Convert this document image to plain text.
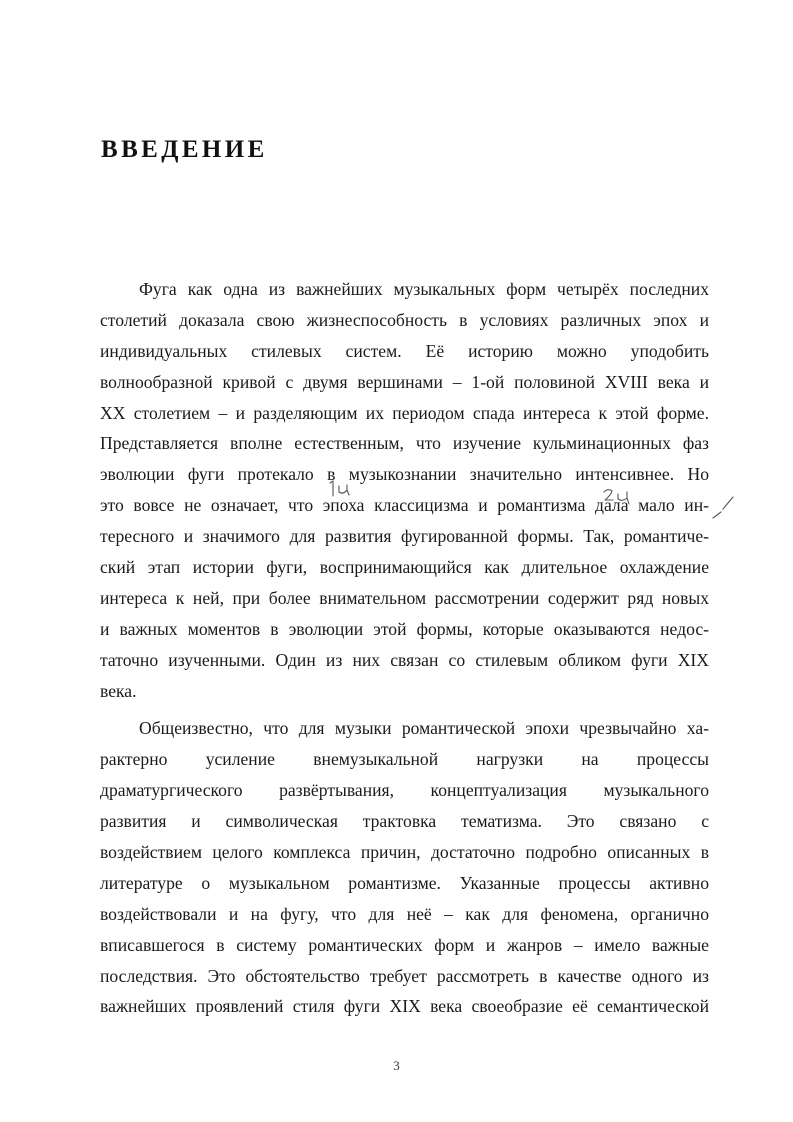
ВВЕДЕНИЕ

Фуга как одна из важнейших музыкальных форм четырёх последних
столетий доказала свою жизнеспособность в условиях различных эпох и
индивидуальных стилевых систем. Её историю можно уподобить
волнообразной кривой с двумя вершинами – 1-ой половиной XVIII века и
XX столетием – и разделяющим их периодом спада интереса к этой форме.
Представляется вполне естественным, что изучение кульминационных фаз
эволюции фуги протекало в музыкознании значительно интенсивнее. Но
это вовсе не означает, что эпоха классицизма и романтизма дала мало ин-
тересного и значимого для развития фугированной формы. Так, романтиче-
ский этап истории фуги, воспринимающийся как длительное охлаждение
интереса к ней, при более внимательном рассмотрении содержит ряд новых
и важных моментов в эволюции этой формы, которые оказываются недос-
таточно изученными. Один из них связан со стилевым обликом фуги XIX
века.

Общеизвестно, что для музыки романтической эпохи чрезвычайно ха-
рактерно усиление внемузыкальной нагрузки на процессы
драматургического развёртывания, концептуализация музыкального
развития и символическая трактовка тематизма. Это связано с
воздействием целого комплекса причин, достаточно подробно описанных в
литературе о музыкальном романтизме. Указанные процессы активно
воздействовали и на фугу, что для неё – как для феномена, органично
вписавшегося в систему романтических форм и жанров – имело важные
последствия. Это обстоятельство требует рассмотреть в качестве одного из
важнейших проявлений стиля фуги XIX века своеобразие её семантической

3
